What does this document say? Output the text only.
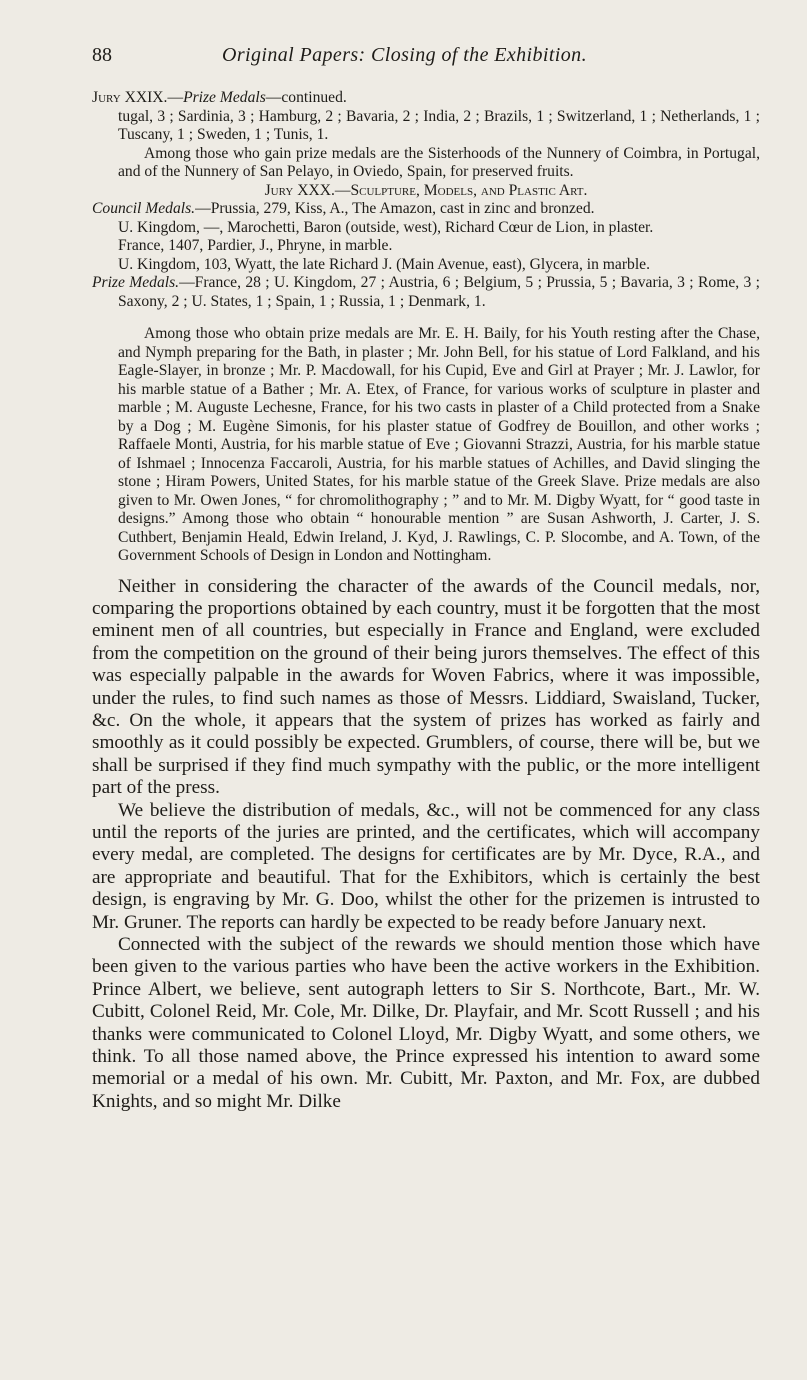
88	Original Papers: Closing of the Exhibition.

Jury XXIX.—Prize Medals—continued.

tugal, 3 ; Sardinia, 3 ; Hamburg, 2 ; Bavaria, 2 ; India, 2 ; Brazils, 1 ; Switzerland, 1 ; Netherlands, 1 ; Tuscany, 1 ; Sweden, 1 ; Tunis, 1.

Among those who gain prize medals are the Sisterhoods of the Nunnery of Coimbra, in Portugal, and of the Nunnery of San Pelayo, in Oviedo, Spain, for preserved fruits.

Jury XXX.—Sculpture, Models, and Plastic Art.

Council Medals.—Prussia, 279, Kiss, A., The Amazon, cast in zinc and bronzed.

U. Kingdom, —, Marochetti, Baron (outside, west), Richard Cœur de Lion, in plaster.

France, 1407, Pardier, J., Phryne, in marble.

U. Kingdom, 103, Wyatt, the late Richard J. (Main Avenue, east), Glycera, in marble.

Prize Medals.—France, 28 ; U. Kingdom, 27 ; Austria, 6 ; Belgium, 5 ; Prussia, 5 ; Bavaria, 3 ; Rome, 3 ; Saxony, 2 ; U. States, 1 ; Spain, 1 ; Russia, 1 ; Denmark, 1.

Among those who obtain prize medals are Mr. E. H. Baily, for his Youth resting after the Chase, and Nymph preparing for the Bath, in plaster ; Mr. John Bell, for his statue of Lord Falkland, and his Eagle-Slayer, in bronze ; Mr. P. Macdowall, for his Cupid, Eve and Girl at Prayer ; Mr. J. Lawlor, for his marble statue of a Bather ; Mr. A. Etex, of France, for various works of sculpture in plaster and marble ; M. Auguste Lechesne, France, for his two casts in plaster of a Child protected from a Snake by a Dog ; M. Eugène Simonis, for his plaster statue of Godfrey de Bouillon, and other works ; Raffaele Monti, Austria, for his marble statue of Eve ; Giovanni Strazzi, Austria, for his marble statue of Ishmael ; Innocenza Faccaroli, Austria, for his marble statues of Achilles, and David slinging the stone ; Hiram Powers, United States, for his marble statue of the Greek Slave. Prize medals are also given to Mr. Owen Jones, “ for chromolithography ; ” and to Mr. M. Digby Wyatt, for “ good taste in designs.” Among those who obtain “ honourable mention ” are Susan Ashworth, J. Carter, J. S. Cuthbert, Benjamin Heald, Edwin Ireland, J. Kyd, J. Rawlings, C. P. Slocombe, and A. Town, of the Government Schools of Design in London and Nottingham.

Neither in considering the character of the awards of the Council medals, nor, comparing the proportions obtained by each country, must it be forgotten that the most eminent men of all countries, but especially in France and England, were excluded from the competition on the ground of their being jurors themselves. The effect of this was especially palpable in the awards for Woven Fabrics, where it was impossible, under the rules, to find such names as those of Messrs. Liddiard, Swaisland, Tucker, &c. On the whole, it appears that the system of prizes has worked as fairly and smoothly as it could possibly be expected. Grumblers, of course, there will be, but we shall be surprised if they find much sympathy with the public, or the more intelligent part of the press.

We believe the distribution of medals, &c., will not be commenced for any class until the reports of the juries are printed, and the certificates, which will accompany every medal, are completed. The designs for certificates are by Mr. Dyce, R.A., and are appropriate and beautiful. That for the Exhibitors, which is certainly the best design, is engraving by Mr. G. Doo, whilst the other for the prizemen is intrusted to Mr. Gruner. The reports can hardly be expected to be ready before January next.

Connected with the subject of the rewards we should mention those which have been given to the various parties who have been the active workers in the Exhibition. Prince Albert, we believe, sent autograph letters to Sir S. Northcote, Bart., Mr. W. Cubitt, Colonel Reid, Mr. Cole, Mr. Dilke, Dr. Playfair, and Mr. Scott Russell ; and his thanks were communicated to Colonel Lloyd, Mr. Digby Wyatt, and some others, we think. To all those named above, the Prince expressed his intention to award some memorial or a medal of his own. Mr. Cubitt, Mr. Paxton, and Mr. Fox, are dubbed Knights, and so might Mr. Dilke
